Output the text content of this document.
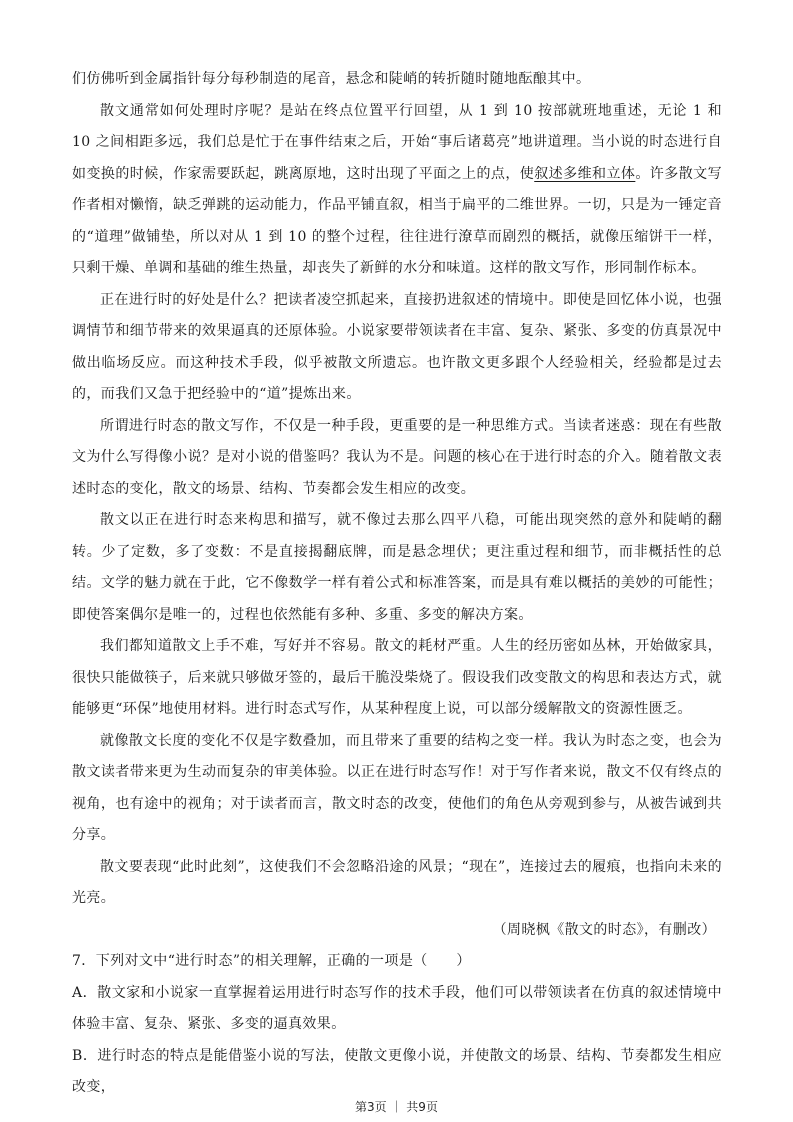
们仿佛听到金属指针每分每秒制造的尾音，悬念和陡峭的转折随时随地酝酿其中。

散文通常如何处理时序呢？是站在终点位置平行回望，从 1 到 10 按部就班地重述，无论 1 和 10 之间相距多远，我们总是忙于在事件结束之后，开始“事后诸葛亮”地讲道理。当小说的时态进行自如变换的时候，作家需要跃起，跳离原地，这时出现了平面之上的点，使叙述多维和立体。许多散文写作者相对懒惰，缺乏弹跳的运动能力，作品平铺直叙，相当于扁平的二维世界。一切，只是为一锤定音的“道理”做铺垫，所以对从 1 到 10 的整个过程，往往进行潦草而剧烈的概括，就像压缩饼干一样，只剩干燥、单调和基础的维生热量，却丧失了新鲜的水分和味道。这样的散文写作，形同制作标本。

正在进行时的好处是什么？把读者凌空抓起来，直接扔进叙述的情境中。即使是回忆体小说，也强调情节和细节带来的效果逼真的还原体验。小说家要带领读者在丰富、复杂、紧张、多变的仿真景况中做出临场反应。而这种技术手段，似乎被散文所遗忘。也许散文更多跟个人经验相关，经验都是过去的，而我们又急于把经验中的“道”提炼出来。

所谓进行时态的散文写作，不仅是一种手段，更重要的是一种思维方式。当读者迷惑：现在有些散文为什么写得像小说？是对小说的借鉴吗？我认为不是。问题的核心在于进行时态的介入。随着散文表述时态的变化，散文的场景、结构、节奏都会发生相应的改变。

散文以正在进行时态来构思和描写，就不像过去那么四平八稳，可能出现突然的意外和陡峭的翻转。少了定数，多了变数：不是直接揭翻底牌，而是悬念埋伏；更注重过程和细节，而非概括性的总结。文学的魅力就在于此，它不像数学一样有着公式和标准答案，而是具有难以概括的美妙的可能性；即使答案偶尔是唯一的，过程也依然能有多种、多重、多变的解决方案。

我们都知道散文上手不难，写好并不容易。散文的耗材严重。人生的经历密如丛林，开始做家具，很快只能做筷子，后来就只够做牙签的，最后干脆没柴烧了。假设我们改变散文的构思和表达方式，就能够更“环保”地使用材料。进行时态式写作，从某种程度上说，可以部分缓解散文的资源性匮乏。

就像散文长度的变化不仅是字数叠加，而且带来了重要的结构之变一样。我认为时态之变，也会为散文读者带来更为生动而复杂的审美体验。以正在进行时态写作！对于写作者来说，散文不仅有终点的视角，也有途中的视角；对于读者而言，散文时态的改变，使他们的角色从旁观到参与，从被告诫到共分享。

散文要表现“此时此刻”，这使我们不会忽略沿途的风景；“现在”，连接过去的履痕，也指向未来的光亮。

（周晓枫《散文的时态》，有删改）

7．下列对文中“进行时态”的相关理解，正确的一项是（　　）

A．散文家和小说家一直掌握着运用进行时态写作的技术手段，他们可以带领读者在仿真的叙述情境中体验丰富、复杂、紧张、多变的逼真效果。

B．进行时态的特点是能借鉴小说的写法，使散文更像小说，并使散文的场景、结构、节奏都发生相应改变，

第3页 ｜ 共9页
